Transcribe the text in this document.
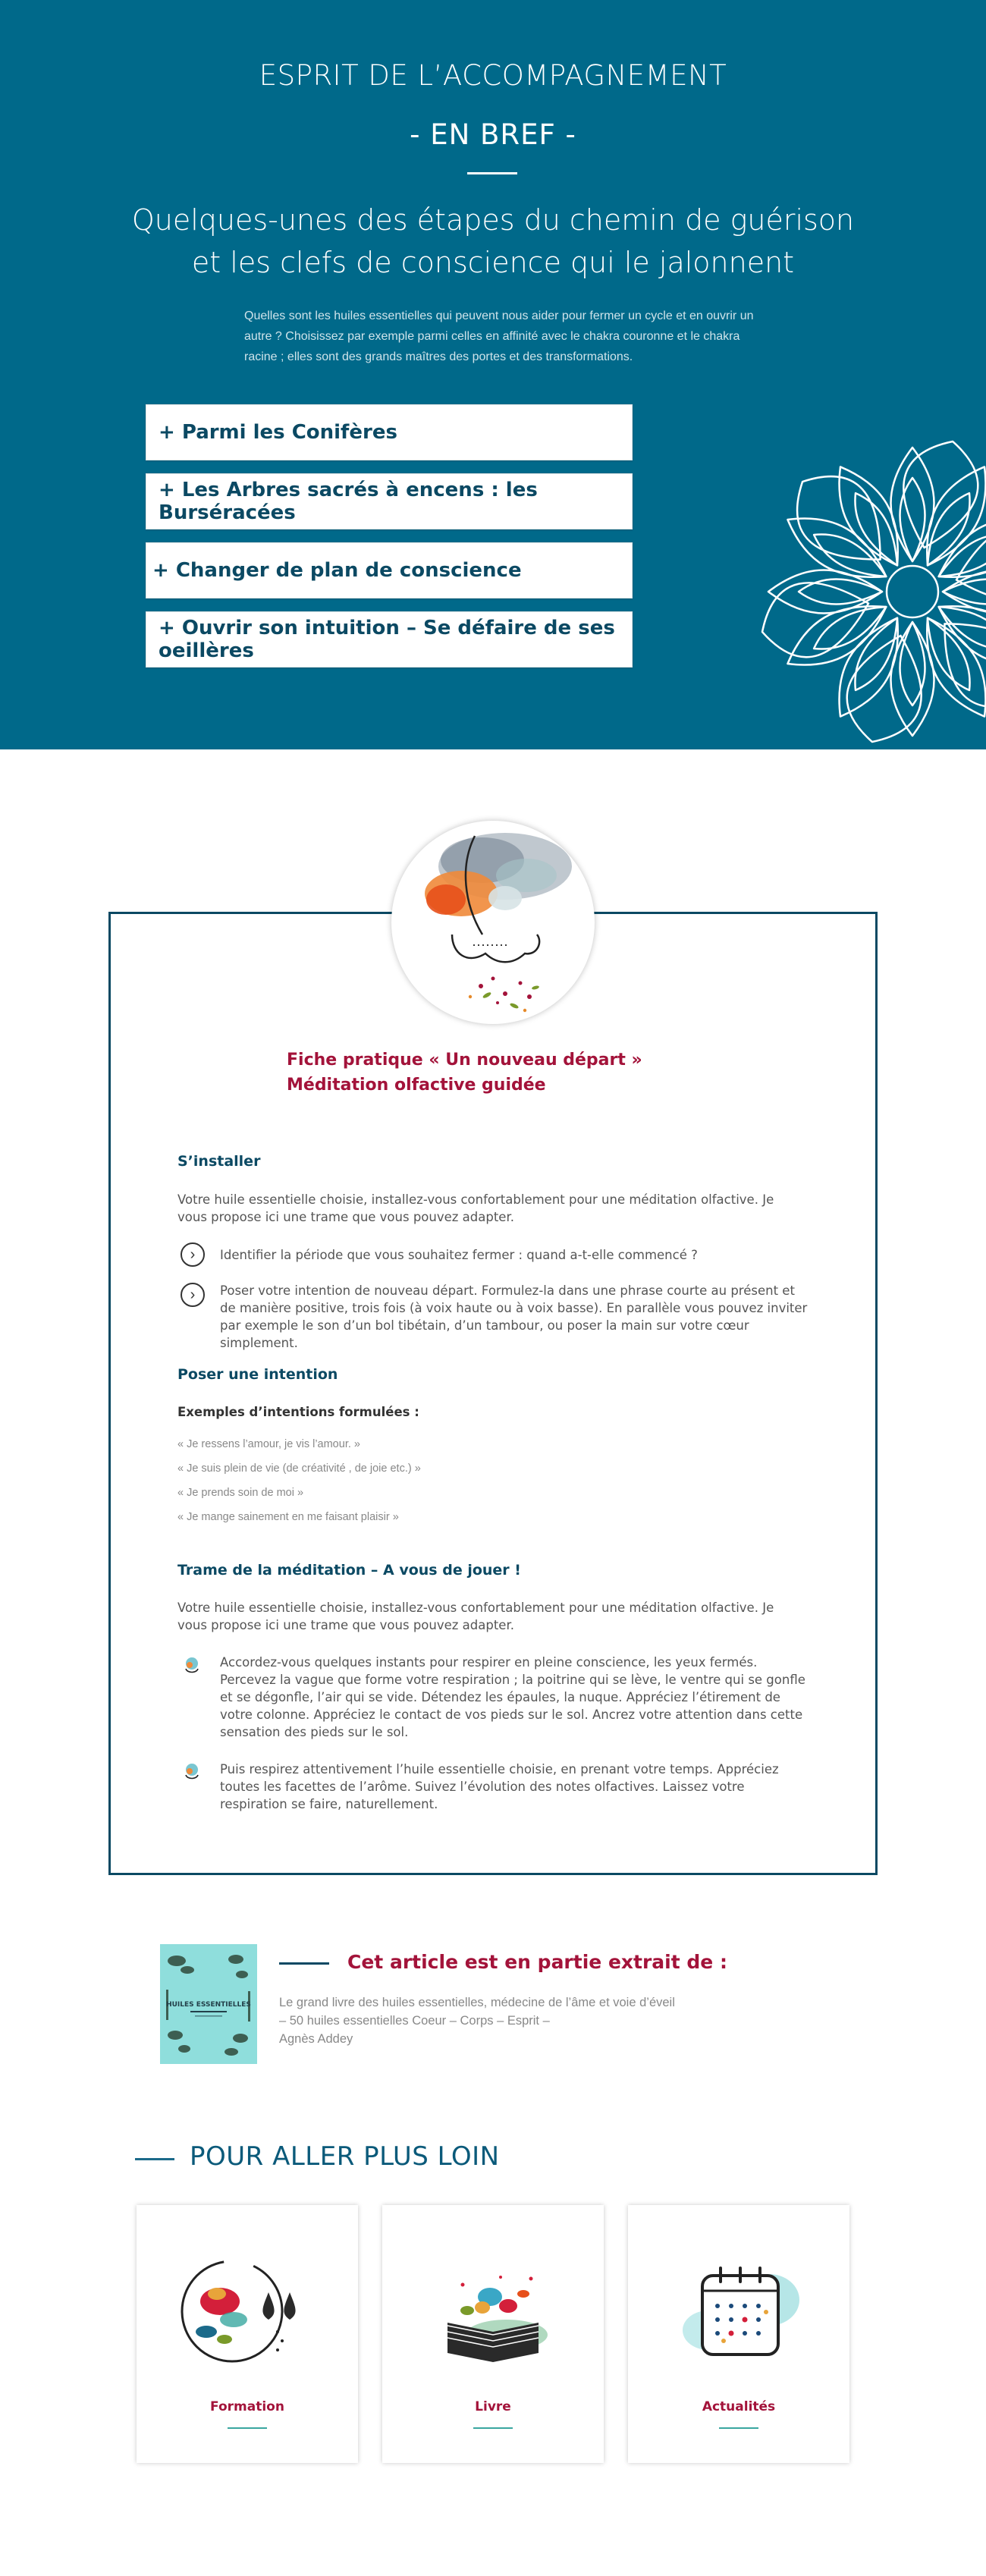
ESPRIT DE L’ACCOMPAGNEMENT
- EN BREF -
Quelques-unes des étapes du chemin de guérison
et les clefs de conscience qui le jalonnent
Quelles sont les huiles essentielles qui peuvent nous aider pour fermer un cycle et en ouvrir un autre ? Choisissez par exemple parmi celles en affinité avec le chakra couronne et le chakra racine ; elles sont des grands maîtres des portes et des transformations.
+ Parmi les Conifères
+ Les Arbres sacrés à encens : les Burséracées
+ Changer de plan de conscience
+ Ouvrir son intuition – Se défaire de ses oeillères
Fiche pratique « Un nouveau départ »
Méditation olfactive guidée
S’installer
Votre huile essentielle choisie, installez-vous confortablement pour une méditation olfactive. Je vous propose ici une trame que vous pouvez adapter.
›	Identifier la période que vous souhaitez fermer : quand a-t-elle commencé ?
›	Poser votre intention de nouveau départ. Formulez-la dans une phrase courte au présent et de manière positive, trois fois (à voix haute ou à voix basse). En parallèle vous pouvez inviter par exemple le son d’un bol tibétain, d’un tambour, ou poser la main sur votre cœur simplement.
Poser une intention
Exemples d’intentions formulées :
« Je ressens l’amour, je vis l’amour. »
« Je suis plein de vie (de créativité , de joie etc.) »
« Je prends soin de moi »
« Je mange sainement en me faisant plaisir »
Trame de la méditation – A vous de jouer !
Votre huile essentielle choisie, installez-vous confortablement pour une méditation olfactive. Je vous propose ici une trame que vous pouvez adapter.
Accordez-vous quelques instants pour respirer en pleine conscience, les yeux fermés. Percevez la vague que forme votre respiration ; la poitrine qui se lève, le ventre qui se gonfle et se dégonfle, l’air qui se vide. Détendez les épaules, la nuque. Appréciez l’étirement de votre colonne. Appréciez le contact de vos pieds sur le sol. Ancrez votre attention dans cette sensation des pieds sur le sol.
Puis respirez attentivement l’huile essentielle choisie, en prenant votre temps. Appréciez toutes les facettes de l’arôme. Suivez l’évolution des notes olfactives. Laissez votre respiration se faire, naturellement.
HUILES ESSENTIELLES
Cet article est en partie extrait de :
Le grand livre des huiles essentielles, médecine de l’âme et voie d’éveil
– 50 huiles essentielles Coeur – Corps – Esprit –
Agnès Addey
POUR ALLER PLUS LOIN
Formation	Livre	Actualités
